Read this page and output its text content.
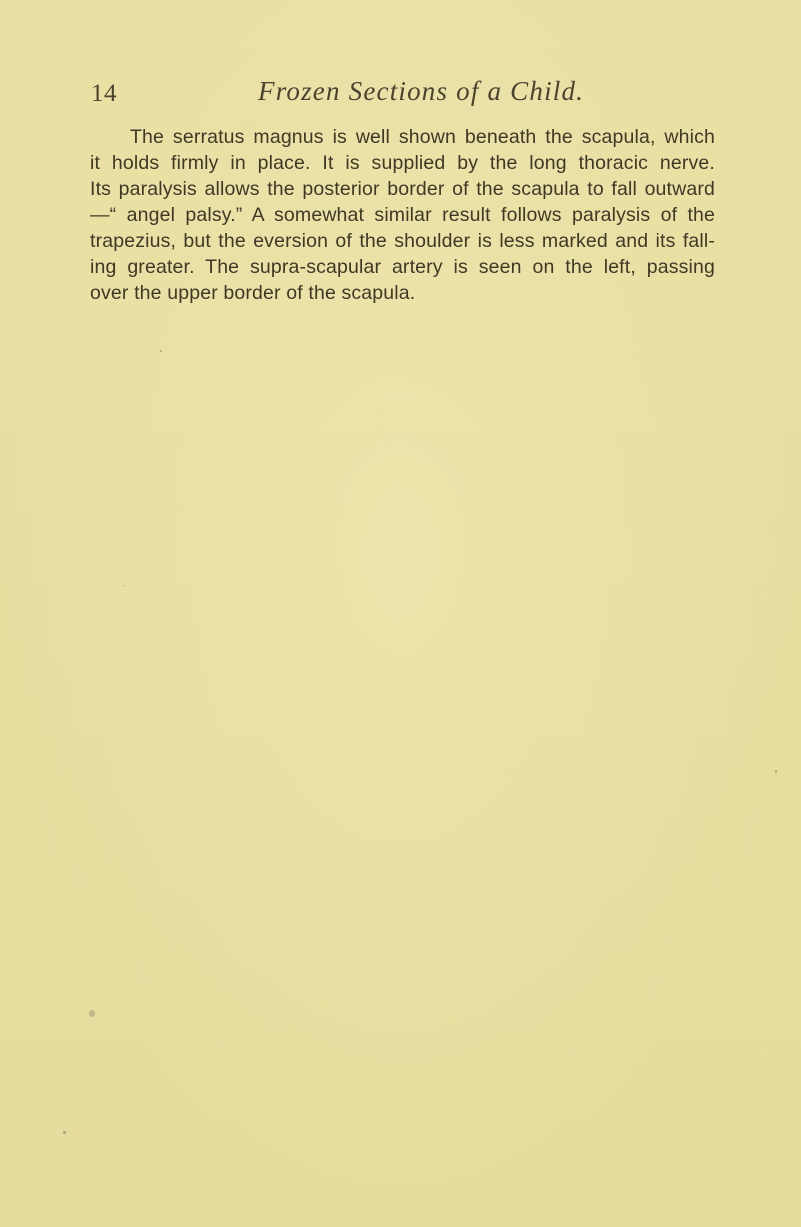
14	Frozen Sections of a Child.
The serratus magnus is well shown beneath the scapula, which
it holds firmly in place. It is supplied by the long thoracic nerve.
Its paralysis allows the posterior border of the scapula to fall outward
—“ angel palsy.” A somewhat similar result follows paralysis of the
trapezius, but the eversion of the shoulder is less marked and its fall-
ing greater. The supra-scapular artery is seen on the left, passing
over the upper border of the scapula.
